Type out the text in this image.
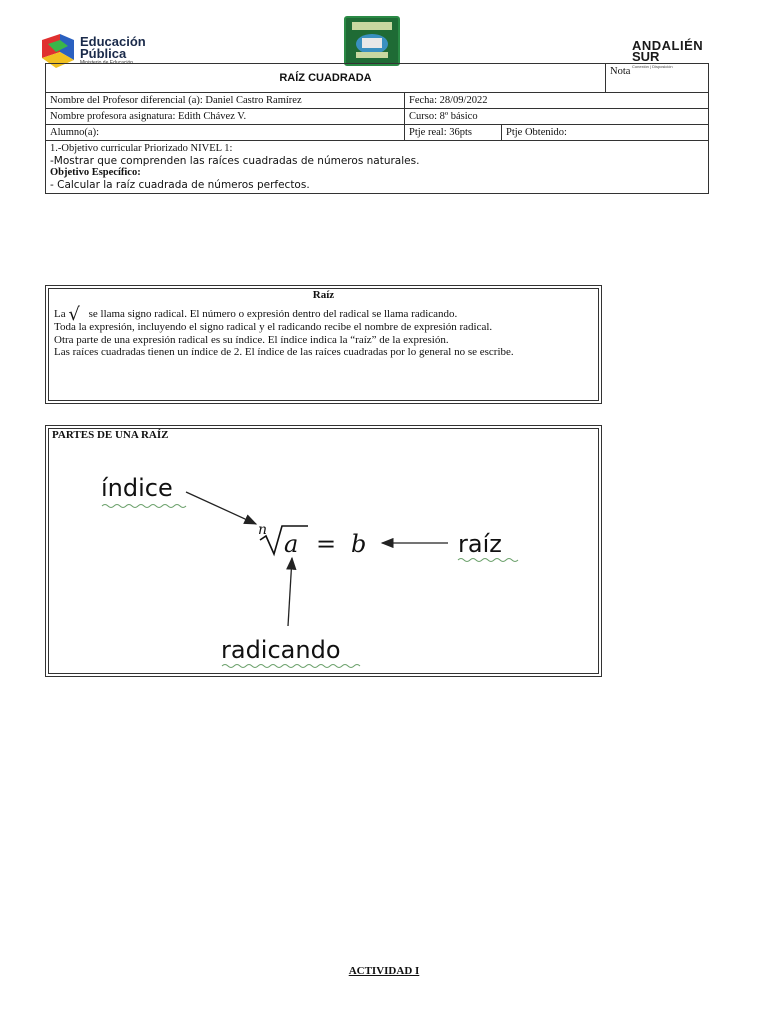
Educación
Pública
Ministerio de Educación
ANDALIÉN
SUR
Conexión | Disposición
RAÍZ CUADRADA			Nota
Nombre del Profesor diferencial (a): Daniel Castro Ramírez	Fecha: 28/09/2022		
Nombre profesora asignatura: Edith Chávez V.	Curso: 8º básico		
Alumno(a):	Ptje real: 36pts	Ptje Obtenido:	

1.-Objetivo curricular Priorizado NIVEL 1:
-Mostrar que comprenden las raíces cuadradas de números naturales.
Objetivo Específico:
- Calcular la raíz cuadrada de números perfectos.			
Raíz
La √ se llama signo radical. El número o expresión dentro del radical se llama radicando.
Toda la expresión, incluyendo el signo radical y el radicando recibe el nombre de expresión radical.
Otra parte de una expresión radical es su índice. El índice indica la “raíz” de la expresión.
Las raíces cuadradas tienen un índice de 2. El índice de las raíces cuadradas por lo general no se escribe.
PARTES DE UNA RAÍZ
índice
raíz
radicando
n a = b
ACTIVIDAD I
